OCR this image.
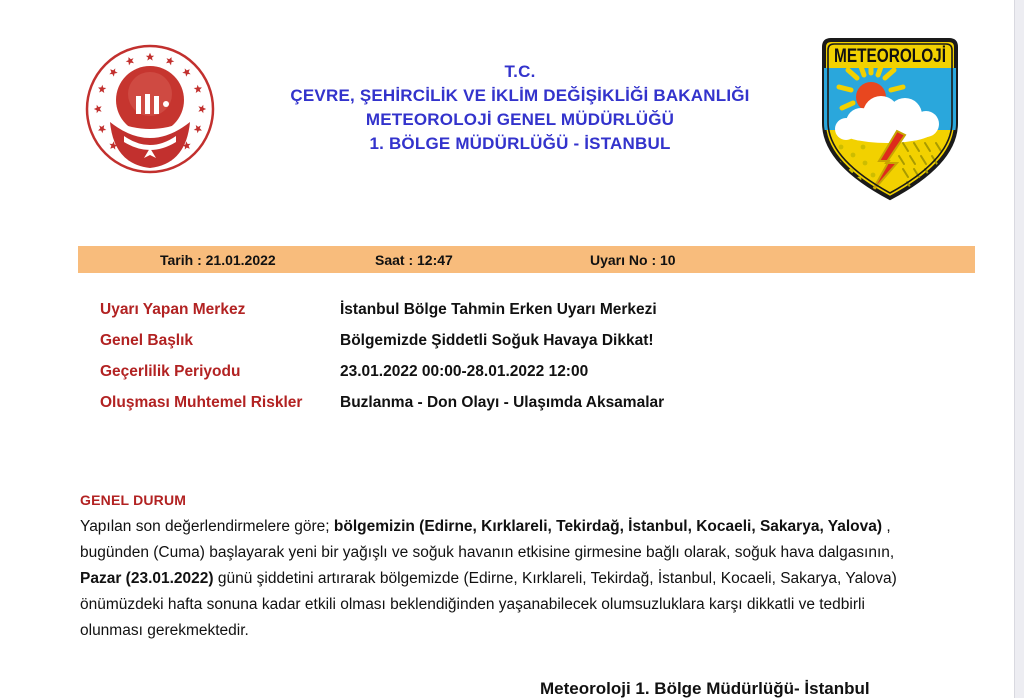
T.C.
ÇEVRE, ŞEHİRCİLİK VE İKLİM DEĞİŞİKLİĞİ BAKANLIĞI
METEOROLOJİ GENEL MÜDÜRLÜĞÜ
1. BÖLGE MÜDÜRLÜĞÜ - İSTANBUL
METEOROLOJİ
Tarih : 21.01.2022	Saat : 12:47	Uyarı No : 10
Uyarı Yapan Merkez	İstanbul Bölge Tahmin Erken Uyarı Merkezi
Genel Başlık	Bölgemizde Şiddetli Soğuk Havaya Dikkat!
Geçerlilik Periyodu	23.01.2022 00:00-28.01.2022 12:00
Oluşması Muhtemel Riskler	Buzlanma - Don Olayı - Ulaşımda Aksamalar
GENEL DURUM

Yapılan son değerlendirmelere göre; bölgemizin (Edirne, Kırklareli, Tekirdağ, İstanbul, Kocaeli, Sakarya, Yalova) , bugünden (Cuma) başlayarak yeni bir yağışlı ve soğuk havanın etkisine girmesine bağlı olarak, soğuk hava dalgasının, Pazar (23.01.2022) günü şiddetini artırarak bölgemizde (Edirne, Kırklareli, Tekirdağ, İstanbul, Kocaeli, Sakarya, Yalova) önümüzdeki hafta sonuna kadar etkili olması beklendiğinden yaşanabilecek olumsuzluklara karşı dikkatli ve tedbirli olunması gerekmektedir.

Meteoroloji 1. Bölge Müdürlüğü- İstanbul
